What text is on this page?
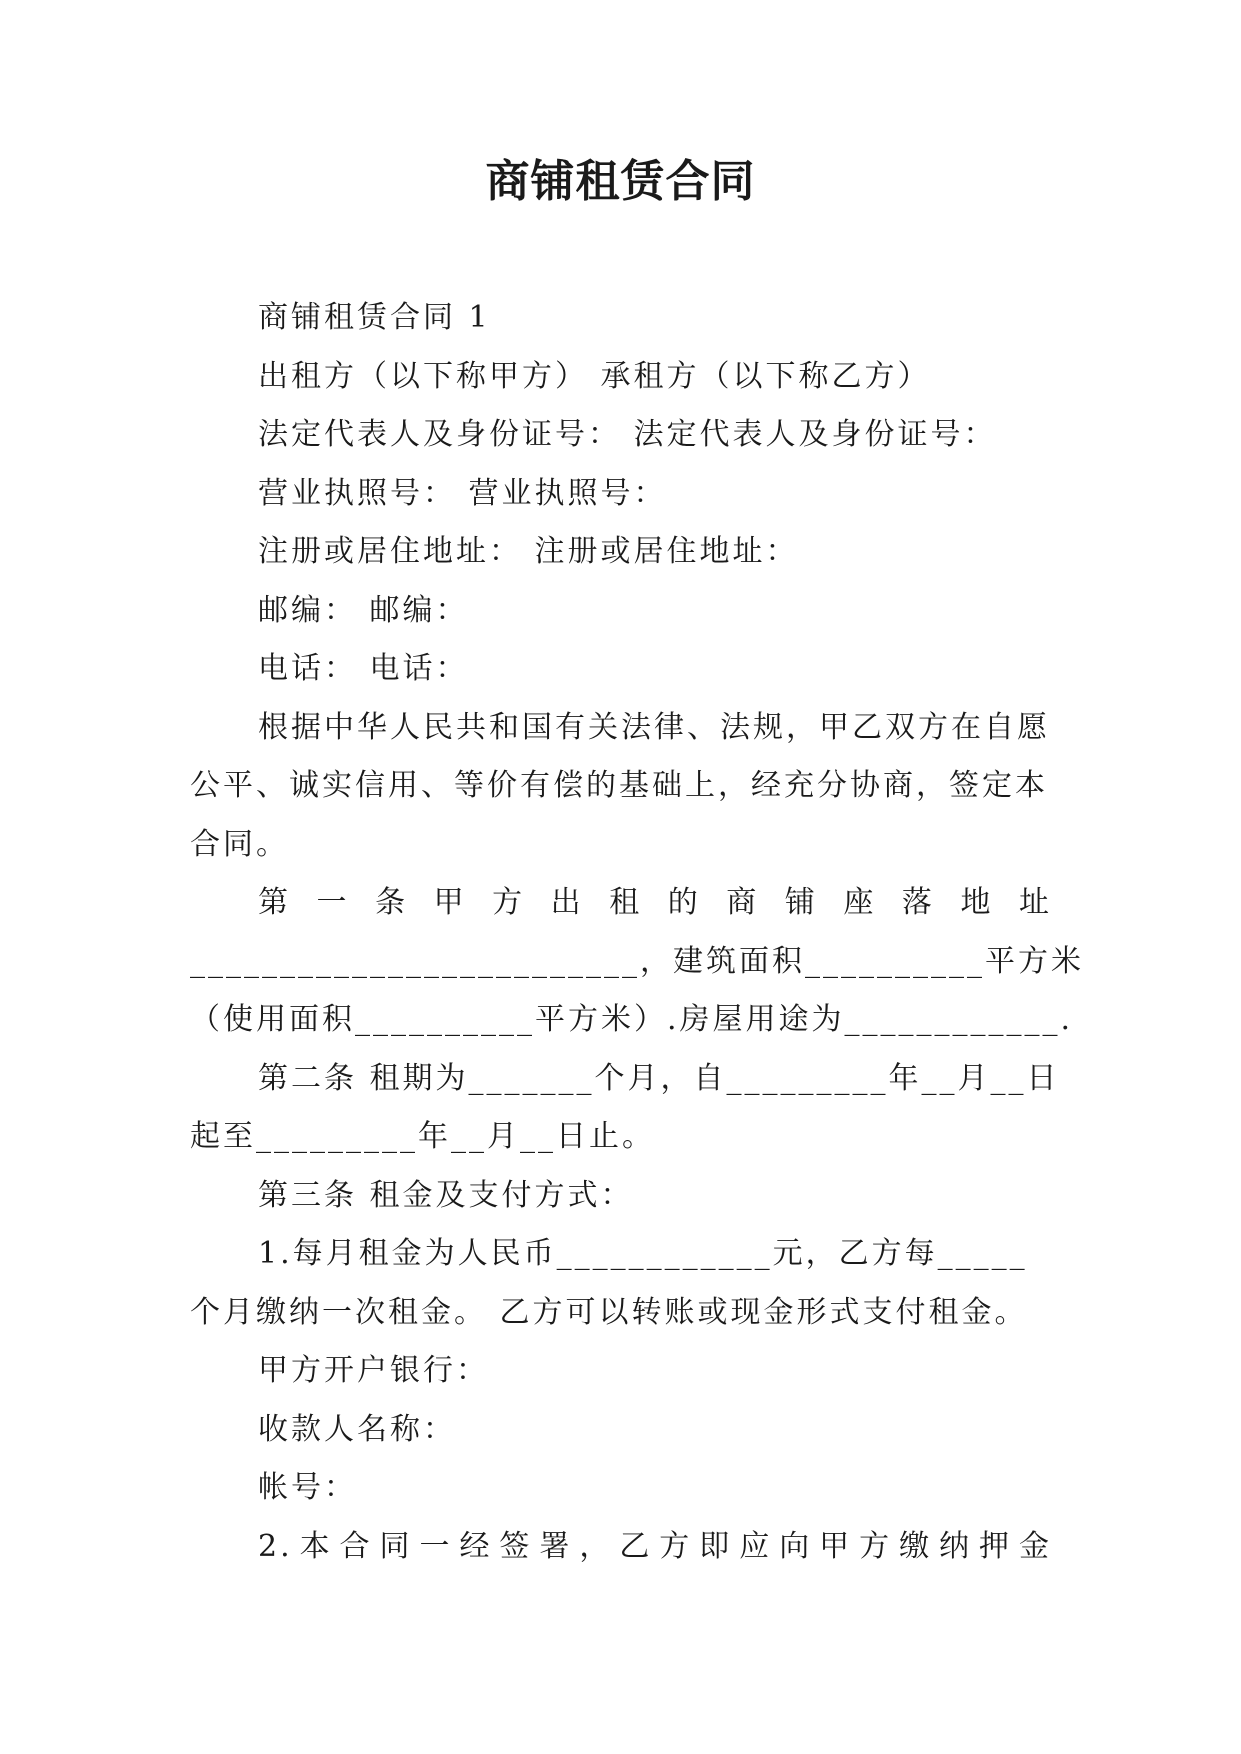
商铺租赁合同

商铺租赁合同 1

出租方（以下称甲方） 承租方（以下称乙方）

法定代表人及身份证号： 法定代表人及身份证号：

营业执照号： 营业执照号：

注册或居住地址： 注册或居住地址：

邮编： 邮编：

电话： 电话：

根据中华人民共和国有关法律、法规，甲乙双方在自愿公平、诚实信用、等价有偿的基础上，经充分协商，签定本合同。

第 一 条 甲 方 出 租 的 商 铺 座 落 地 址

_________________________，建筑面积__________平方米

（使用面积__________平方米）.房屋用途为____________.

第二条 租期为_______个月，自_________年__月__日

起至_________年__月__日止。

第三条 租金及支付方式：

1.每月租金为人民币____________元，乙方每_____个月缴纳一次租金。 乙方可以转账或现金形式支付租金。

甲方开户银行：

收款人名称：

帐号：

2.本合同一经签署，乙方即应向甲方缴纳押金
